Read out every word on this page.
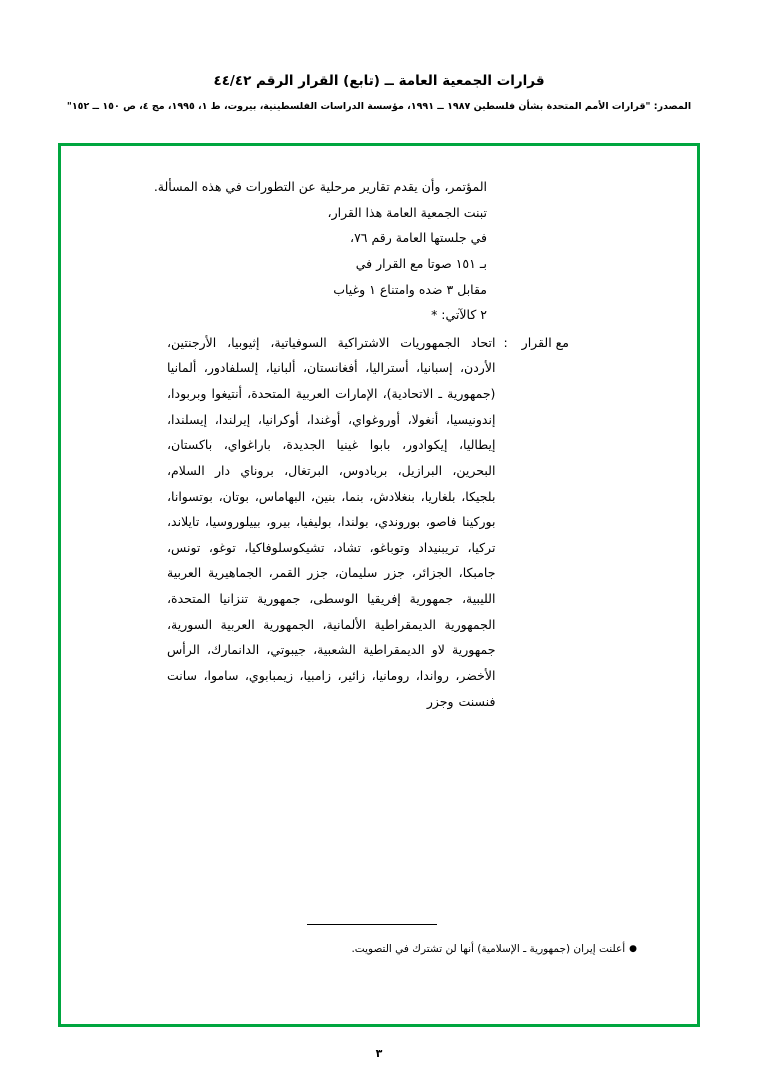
قرارات الجمعية العامة ــ (تابع) القرار الرقم ٤٤/٤٢
المصدر: "قرارات الأمم المتحدة بشأن فلسطين ١٩٨٧ ــ ١٩٩١، مؤسسة الدراسات الفلسطينية، بيروت، ط ١، ١٩٩٥، مج ٤، ص ١٥٠ ــ ١٥٢"

المؤتمر، وأن يقدم تقارير مرحلية عن التطورات في هذه المسألة.

تبنت الجمعية العامة هذا القرار،

في جلستها العامة رقم ٧٦،

بـ ١٥١ صوتا مع القرار في

مقابل ٣ ضده وامتناع ١ وغياب

٢ كالآتي: *

مع القرار
:
اتحاد الجمهوريات الاشتراكية السوفياتية، إثيوبيا، الأرجنتين، الأردن، إسبانيا، أستراليا، أفغانستان، ألبانيا، إلسلفادور، ألمانيا (جمهورية ـ الاتحادية)، الإمارات العربية المتحدة، أنتيغوا وبربودا، إندونيسيا، أنغولا، أوروغواي، أوغندا، أوكرانيا، إيرلندا، إيسلندا، إيطاليا، إيكوادور، بابوا غينيا الجديدة، باراغواي، باكستان، البحرين، البرازيل، بربادوس، البرتغال، بروناي دار السلام، بلجيكا، بلغاريا، بنغلادش، بنما، بنين، البهاماس، بوتان، بوتسوانا، بوركينا فاصو، بوروندي، بولندا، بوليفيا، بيرو، بييلوروسيا، تايلاند، تركيا، تريبنيداد وتوباغو، تشاد، تشيكوسلوفاكيا، توغو، تونس، جامبكا، الجزائر، جزر سليمان، جزر القمر، الجماهيرية العربية الليبية، جمهورية إفريقيا الوسطى، جمهورية تنزانيا المتحدة، الجمهورية الديمقراطية الألمانية، الجمهورية العربية السورية، جمهورية لاو الديمقراطية الشعبية، جيبوتي، الدانمارك، الرأس الأخضر، رواندا، رومانيا، زائير، زامبيا، زيمبابوي، ساموا، سانت فنسنت وجزر
●أعلنت إيران (جمهورية ـ الإسلامية) أنها لن تشترك في التصويت.
٣
